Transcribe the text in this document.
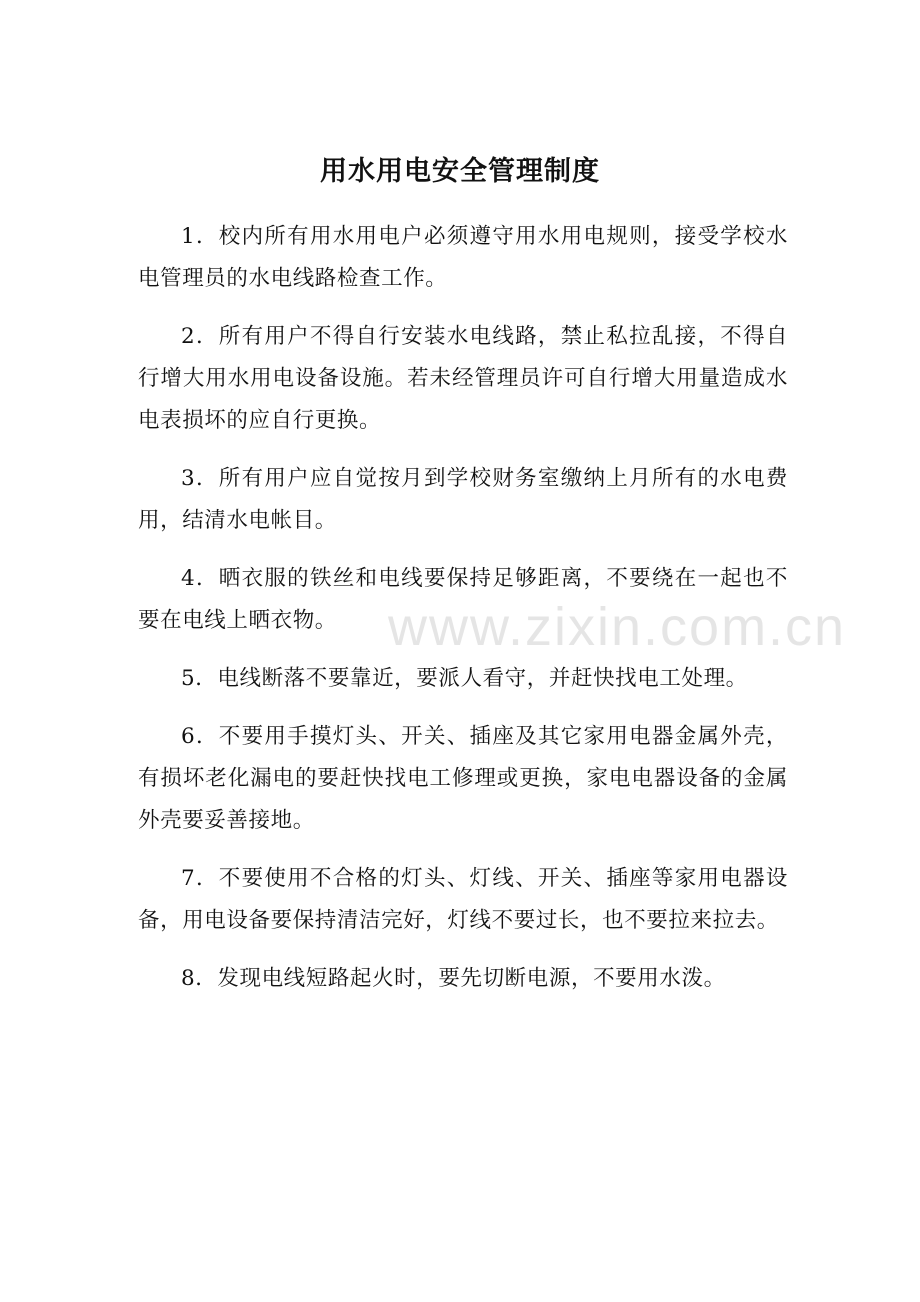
用水用电安全管理制度

1．校内所有用水用电户必须遵守用水用电规则，接受学校水电管理员的水电线路检查工作。

2．所有用户不得自行安装水电线路，禁止私拉乱接，不得自行增大用水用电设备设施。若未经管理员许可自行增大用量造成水电表损坏的应自行更换。

3．所有用户应自觉按月到学校财务室缴纳上月所有的水电费用，结清水电帐目。

4．晒衣服的铁丝和电线要保持足够距离，不要绕在一起也不要在电线上晒衣物。

5．电线断落不要靠近，要派人看守，并赶快找电工处理。

6．不要用手摸灯头、开关、插座及其它家用电器金属外壳，有损坏老化漏电的要赶快找电工修理或更换，家电电器设备的金属外壳要妥善接地。

7．不要使用不合格的灯头、灯线、开关、插座等家用电器设备，用电设备要保持清洁完好，灯线不要过长，也不要拉来拉去。

8．发现电线短路起火时，要先切断电源，不要用水泼。

www.zixin.com.cn
